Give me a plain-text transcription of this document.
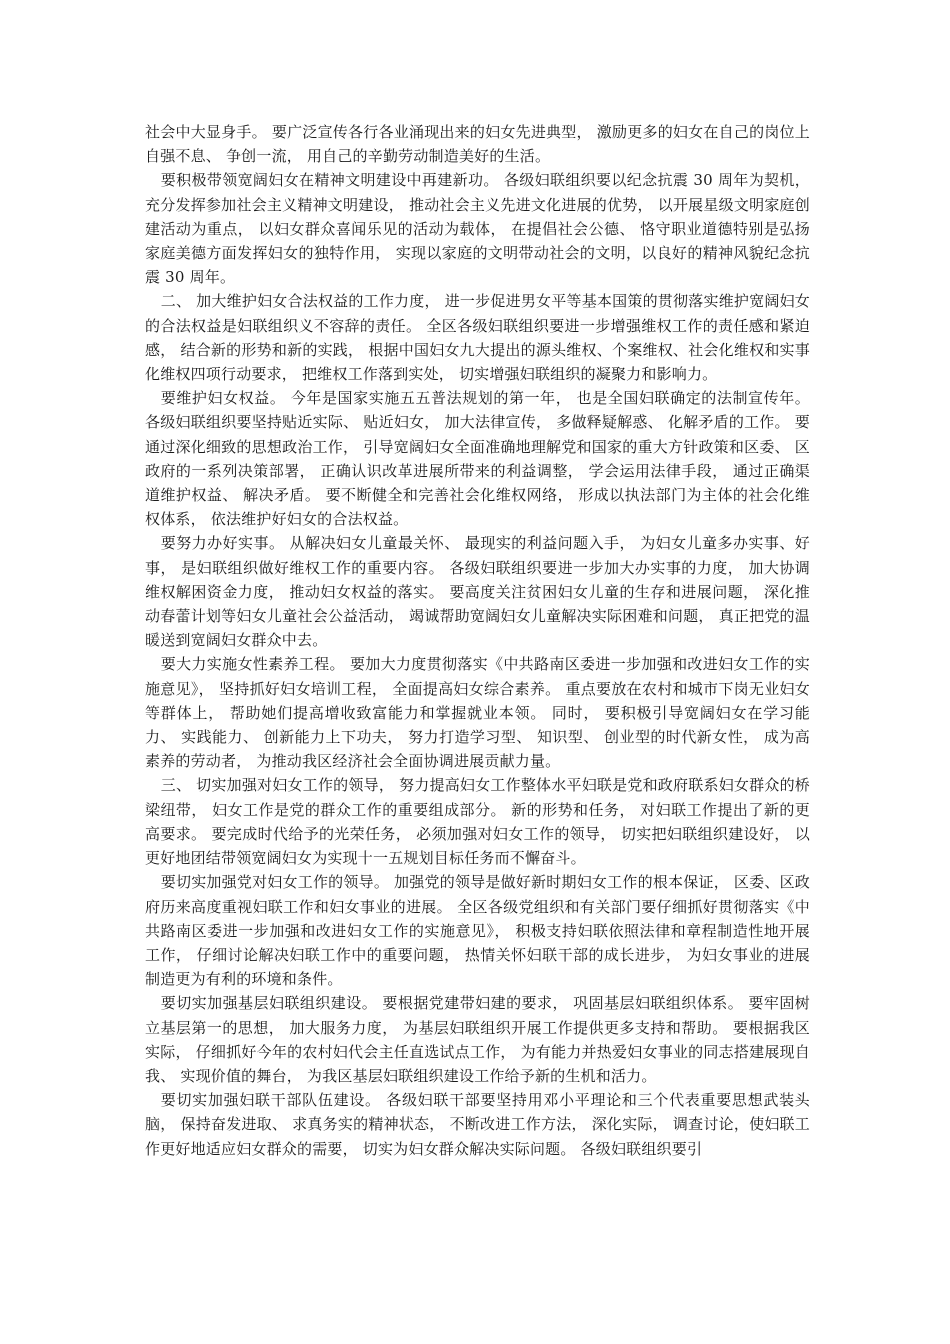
社会中大显身手。 要广泛宣传各行各业涌现出来的妇女先进典型， 激励更多的妇女在自己的岗位上自强不息、 争创一流， 用自己的辛勤劳动制造美好的生活。

要积极带领宽阔妇女在精神文明建设中再建新功。 各级妇联组织要以纪念抗震 30 周年为契机， 充分发挥参加社会主义精神文明建设， 推动社会主义先进文化进展的优势， 以开展星级文明家庭创建活动为重点， 以妇女群众喜闻乐见的活动为载体， 在提倡社会公德、 恪守职业道德特别是弘扬家庭美德方面发挥妇女的独特作用， 实现以家庭的文明带动社会的文明，以良好的精神风貌纪念抗震 30 周年。

二、 加大维护妇女合法权益的工作力度， 进一步促进男女平等基本国策的贯彻落实维护宽阔妇女的合法权益是妇联组织义不容辞的责任。 全区各级妇联组织要进一步增强维权工作的责任感和紧迫感， 结合新的形势和新的实践， 根据中国妇女九大提出的源头维权、个案维权、社会化维权和实事化维权四项行动要求， 把维权工作落到实处， 切实增强妇联组织的凝聚力和影响力。

要维护妇女权益。 今年是国家实施五五普法规划的第一年， 也是全国妇联确定的法制宣传年。 各级妇联组织要坚持贴近实际、 贴近妇女， 加大法律宣传， 多做释疑解惑、 化解矛盾的工作。 要通过深化细致的思想政治工作， 引导宽阔妇女全面准确地理解党和国家的重大方针政策和区委、 区政府的一系列决策部署， 正确认识改革进展所带来的利益调整， 学会运用法律手段， 通过正确渠道维护权益、 解决矛盾。 要不断健全和完善社会化维权网络， 形成以执法部门为主体的社会化维权体系， 依法维护好妇女的合法权益。

要努力办好实事。 从解决妇女儿童最关怀、 最现实的利益问题入手， 为妇女儿童多办实事、好事， 是妇联组织做好维权工作的重要内容。 各级妇联组织要进一步加大办实事的力度， 加大协调维权解困资金力度， 推动妇女权益的落实。 要高度关注贫困妇女儿童的生存和进展问题， 深化推动春蕾计划等妇女儿童社会公益活动， 竭诚帮助宽阔妇女儿童解决实际困难和问题， 真正把党的温暖送到宽阔妇女群众中去。

要大力实施女性素养工程。 要加大力度贯彻落实《中共路南区委进一步加强和改进妇女工作的实施意见》， 坚持抓好妇女培训工程， 全面提高妇女综合素养。 重点要放在农村和城市下岗无业妇女等群体上， 帮助她们提高增收致富能力和掌握就业本领。 同时， 要积极引导宽阔妇女在学习能力、 实践能力、 创新能力上下功夫， 努力打造学习型、 知识型、 创业型的时代新女性， 成为高素养的劳动者， 为推动我区经济社会全面协调进展贡献力量。

三、 切实加强对妇女工作的领导， 努力提高妇女工作整体水平妇联是党和政府联系妇女群众的桥梁纽带， 妇女工作是党的群众工作的重要组成部分。 新的形势和任务， 对妇联工作提出了新的更高要求。 要完成时代给予的光荣任务， 必须加强对妇女工作的领导， 切实把妇联组织建设好， 以更好地团结带领宽阔妇女为实现十一五规划目标任务而不懈奋斗。

要切实加强党对妇女工作的领导。 加强党的领导是做好新时期妇女工作的根本保证， 区委、区政府历来高度重视妇联工作和妇女事业的进展。 全区各级党组织和有关部门要仔细抓好贯彻落实《中共路南区委进一步加强和改进妇女工作的实施意见》， 积极支持妇联依照法律和章程制造性地开展工作， 仔细讨论解决妇联工作中的重要问题， 热情关怀妇联干部的成长进步， 为妇女事业的进展制造更为有利的环境和条件。

要切实加强基层妇联组织建设。 要根据党建带妇建的要求， 巩固基层妇联组织体系。 要牢固树立基层第一的思想， 加大服务力度， 为基层妇联组织开展工作提供更多支持和帮助。 要根据我区实际， 仔细抓好今年的农村妇代会主任直选试点工作， 为有能力并热爱妇女事业的同志搭建展现自我、 实现价值的舞台， 为我区基层妇联组织建设工作给予新的生机和活力。

要切实加强妇联干部队伍建设。 各级妇联干部要坚持用邓小平理论和三个代表重要思想武装头脑， 保持奋发进取、 求真务实的精神状态， 不断改进工作方法， 深化实际， 调查讨论，使妇联工作更好地适应妇女群众的需要， 切实为妇女群众解决实际问题。 各级妇联组织要引
